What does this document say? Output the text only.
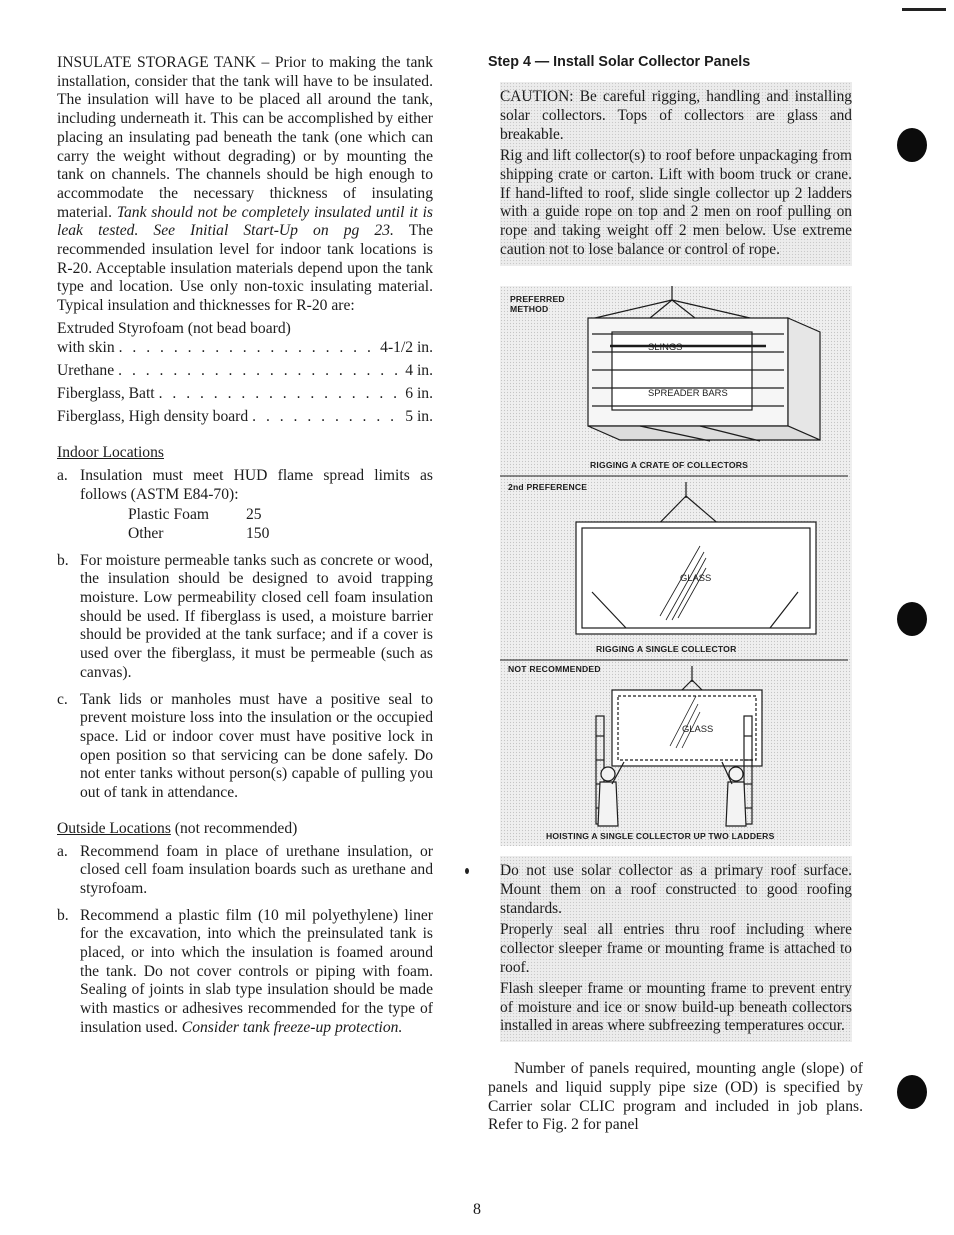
INSULATE STORAGE TANK – Prior to making the tank installation, consider that the tank will have to be insulated. The insulation will have to be placed all around the tank, including underneath it. This can be accomplished by either placing an insulating pad beneath the tank (one which can carry the weight without degrading) or by mounting the tank on channels. The channels should be high enough to accommodate the necessary thickness of insulating material. Tank should not be completely insulated until it is leak tested. See Initial Start-Up on pg 23. The recommended insulation level for indoor tank locations is R-20. Acceptable insulation materials depend upon the tank type and location. Use only non-toxic insulating material. Typical insulation and thicknesses for R-20 are:

Extruded Styrofoam (not bead board)

with skin . . .	4-1/2 in.
Urethane . . .	4 in.
Fiberglass, Batt . . .	6 in.
Fiberglass, High density board . . .	5 in.

Indoor Locations

a. Insulation must meet HUD flame spread limits as follows (ASTM E84-70):
Plastic Foam	25
Other	150
b. For moisture permeable tanks such as concrete or wood, the insulation should be designed to avoid trapping moisture. Low permeability closed cell foam insulation should be used. If fiberglass is used, a moisture barrier should be provided at the tank surface; and if a cover is used over the fiberglass, it must be permeable (such as canvas).
c. Tank lids or manholes must have a positive seal to prevent moisture loss into the insulation or the occupied space. Lid or indoor cover must have positive lock in open position so that servicing can be done safely. Do not enter tanks without person(s) capable of pulling you out of tank in attendance.

Outside Locations (not recommended)

a. Recommend foam in place of urethane insulation, or closed cell foam insulation boards such as urethane and styrofoam.
b. Recommend a plastic film (10 mil polyethylene) liner for the excavation, into which the preinsulated tank is placed, or into which the insulation is foamed around the tank. Do not cover controls or piping with foam. Sealing of joints in slab type insulation should be made with mastics or adhesives recommended for the type of insulation used. Consider tank freeze-up protection.

Step 4 — Install Solar Collector Panels

CAUTION: Be careful rigging, handling and installing solar collectors. Tops of collectors are glass and breakable.

Rig and lift collector(s) to roof before unpackaging from shipping crate or carton. Lift with boom truck or crane. If hand-lifted to roof, slide single collector up 2 ladders with a guide rope on top and 2 men on roof pulling on rope and taking weight off 2 men below. Use extreme caution not to lose balance or control of rope.

PREFERRED
METHOD
SLINGS
SPREADER BARS
RIGGING A CRATE OF COLLECTORS
2nd PREFERENCE
GLASS
RIGGING A SINGLE COLLECTOR
NOT RECOMMENDED
GLASS
HOISTING A SINGLE COLLECTOR UP TWO LADDERS

Do not use solar collector as a primary roof surface. Mount them on a roof constructed to good roofing standards.

Properly seal all entries thru roof including where collector sleeper frame or mounting frame is attached to roof.

Flash sleeper frame or mounting frame to prevent entry of moisture and ice or snow build-up beneath collectors installed in areas where subfreezing temperatures occur.

Number of panels required, mounting angle (slope) of panels and liquid supply pipe size (OD) is specified by Carrier solar CLIC program and included in job plans. Refer to Fig. 2 for panel

8
